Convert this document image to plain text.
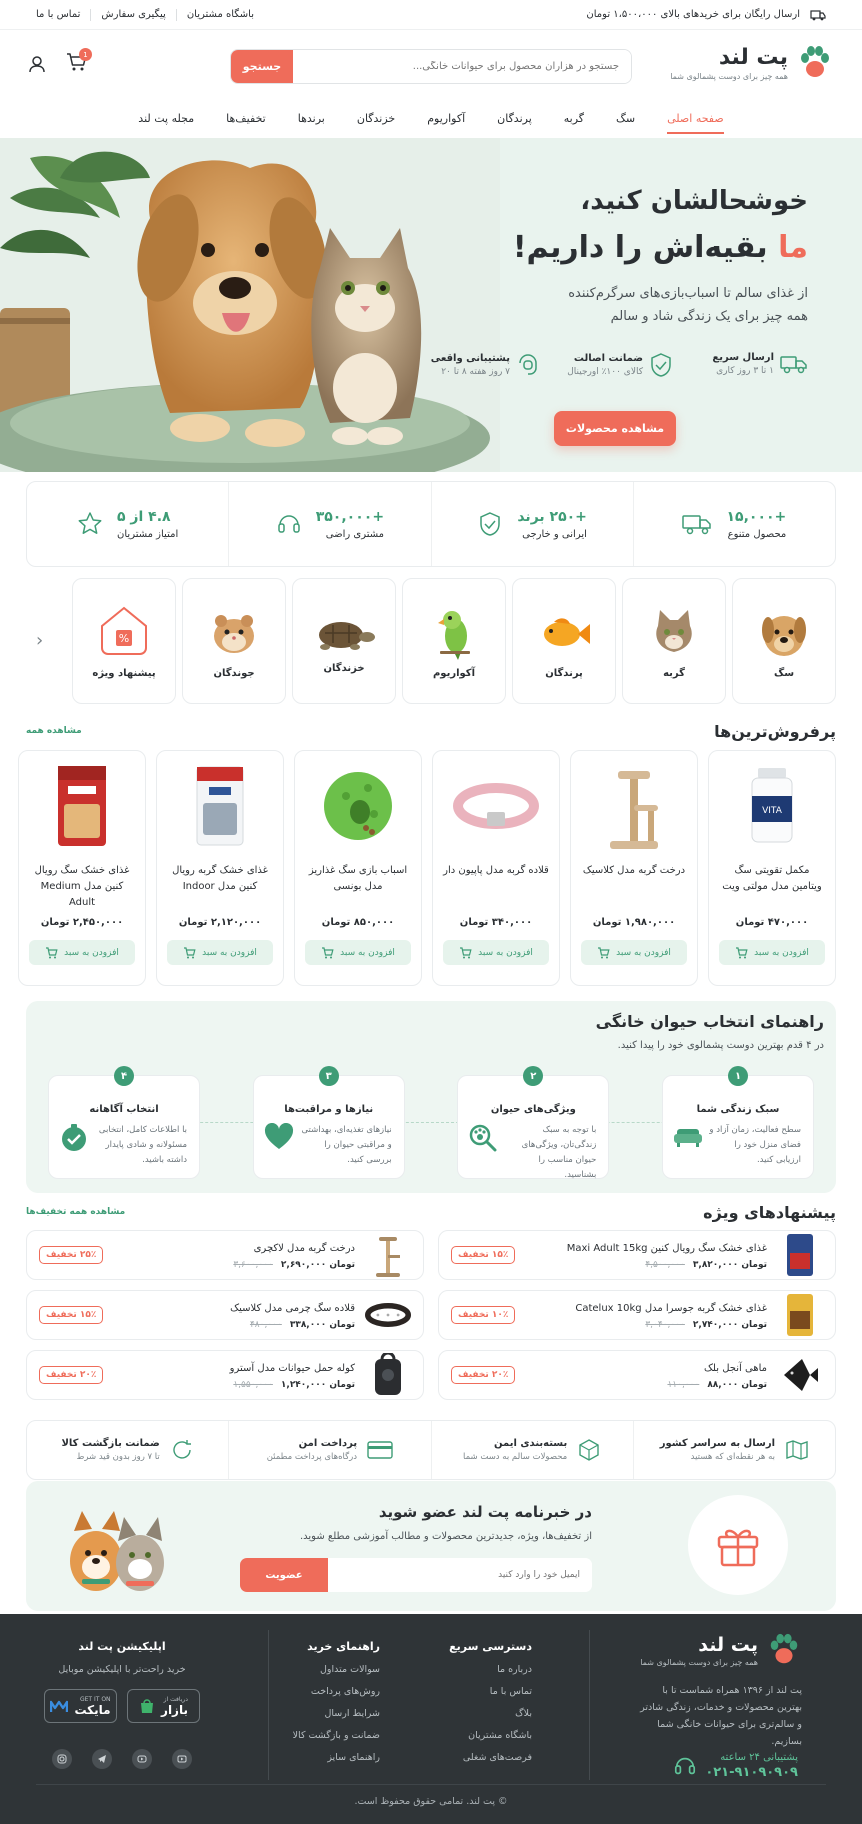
ارسال رایگان برای خریدهای بالای ۱،۵۰۰،۰۰۰ تومان
باشگاه مشتریان
پیگیری سفارش
تماس با ما
پت لند
همه چیز برای دوست پشمالوی شما
جستجو در هزاران محصول برای حیوانات خانگی...
جستجو
1
صفحه اصلی
سگ
گربه
پرندگان
آکواریوم
خزندگان
برندها
تخفیف‌ها
مجله پت لند
خوشحالشان کنید،
ما بقیه‌اش را داریم!
از غذای سالم تا اسباب‌بازی‌های سرگرم‌کننده
همه چیز برای یک زندگی شاد و سالم
ارسال سریع
۱ تا ۳ روز کاری
ضمانت اصالت
کالای ۱۰۰٪ اورجینال
پشتیبانی واقعی
۷ روز هفته ۸ تا ۲۰
مشاهده محصولات
+۱۵,۰۰۰
محصول متنوع
+۲۵۰ برند
ایرانی و خارجی
+۳۵۰,۰۰۰
مشتری راضی
۴.۸ از ۵
امتیاز مشتریان
سگ
گربه
پرندگان
آکواریوم
خزندگان
جوندگان
%
پیشنهاد ویژه
‹
پرفروش‌ترین‌ها
مشاهده همه
VITA
مکمل تقویتی سگ ویتامین مدل مولتی ویت
۴۷۰,۰۰۰ تومان
افزودن به سبد
درخت گربه مدل کلاسیک
۱,۹۸۰,۰۰۰ تومان
افزودن به سبد
قلاده گربه مدل پاپیون دار
۳۴۰,۰۰۰ تومان
افزودن به سبد
اسباب بازی سگ غذاریز مدل بونسی
۸۵۰,۰۰۰ تومان
افزودن به سبد
غذای خشک گربه رویال کنین مدل Indoor
۲,۱۲۰,۰۰۰ تومان
افزودن به سبد
غذای خشک سگ رویال کنین مدل Medium Adult
۲,۴۵۰,۰۰۰ تومان
افزودن به سبد
راهنمای انتخاب حیوان خانگی
در ۴ قدم بهترین دوست پشمالوی خود را پیدا کنید.
۱
سبک زندگی شما
سطح فعالیت، زمان آزاد و فضای منزل خود را ارزیابی کنید.
۲
ویژگی‌های حیوان
با توجه به سبک زندگی‌تان، ویژگی‌های حیوان مناسب را بشناسید.
۳
نیازها و مراقبت‌ها
نیازهای تغذیه‌ای، بهداشتی و مراقبتی حیوان را بررسی کنید.
۴
انتخاب آگاهانه
با اطلاعات کامل، انتخابی مسئولانه و شادی پایدار داشته باشید.
پیشنهادهای ویژه
مشاهده همه تخفیف‌ها
غذای خشک سگ رویال کنین Maxi Adult 15kg
۴,۵۰۰,۰۰۰ ۳,۸۲۰,۰۰۰ تومان
۱۵٪ تخفیف
درخت گربه مدل لاکچری
۳,۶۰۰,۰۰۰ ۲,۶۹۰,۰۰۰ تومان
۲۵٪ تخفیف
غذای خشک گربه جوسرا مدل Catelux 10kg
۳,۰۴۰,۰۰۰ ۲,۷۴۰,۰۰۰ تومان
۱۰٪ تخفیف
قلاده سگ چرمی مدل کلاسیک
۴۸۰,۰۰۰ ۳۳۸,۰۰۰ تومان
۱۵٪ تخفیف
ماهی آنجل بلک
۱۱۰,۰۰۰ ۸۸,۰۰۰ تومان
۲۰٪ تخفیف
کوله حمل حیوانات مدل آسترو
۱,۵۵۰,۰۰۰ ۱,۲۴۰,۰۰۰ تومان
۲۰٪ تخفیف
ارسال به سراسر کشور
به هر نقطه‌ای که هستید
بسته‌بندی ایمن
محصولات سالم به دست شما
پرداخت امن
درگاه‌های پرداخت مطمئن
ضمانت بازگشت کالا
تا ۷ روز بدون قید شرط
در خبرنامه پت لند عضو شوید
از تخفیف‌ها، ویژه، جدیدترین محصولات و مطالب آموزشی مطلع شوید.
ایمیل خود را وارد کنید
عضویت
پت لند
همه چیز برای دوست پشمالوی شما
پت لند از ۱۳۹۶ همراه شماست تا با بهترین محصولات و خدمات، زندگی شادتر و سالم‌تری برای حیوانات خانگی شما بسازیم.
پشتیبانی ۲۴ ساعته
۰۲۱-۹۱۰۹۰۹۰۹
دسترسی سریع
درباره ما
تماس با ما
بلاگ
باشگاه مشتریان
فرصت‌های شغلی
راهنمای خرید
سوالات متداول
روش‌های پرداخت
شرایط ارسال
ضمانت و بازگشت کالا
راهنمای سایز
اپلیکیشن پت لند
خرید راحت‌تر با اپلیکیشن موبایل
دریافت از
بازار
GET IT ON
مایکت
© پت لند. تمامی حقوق محفوظ است.
